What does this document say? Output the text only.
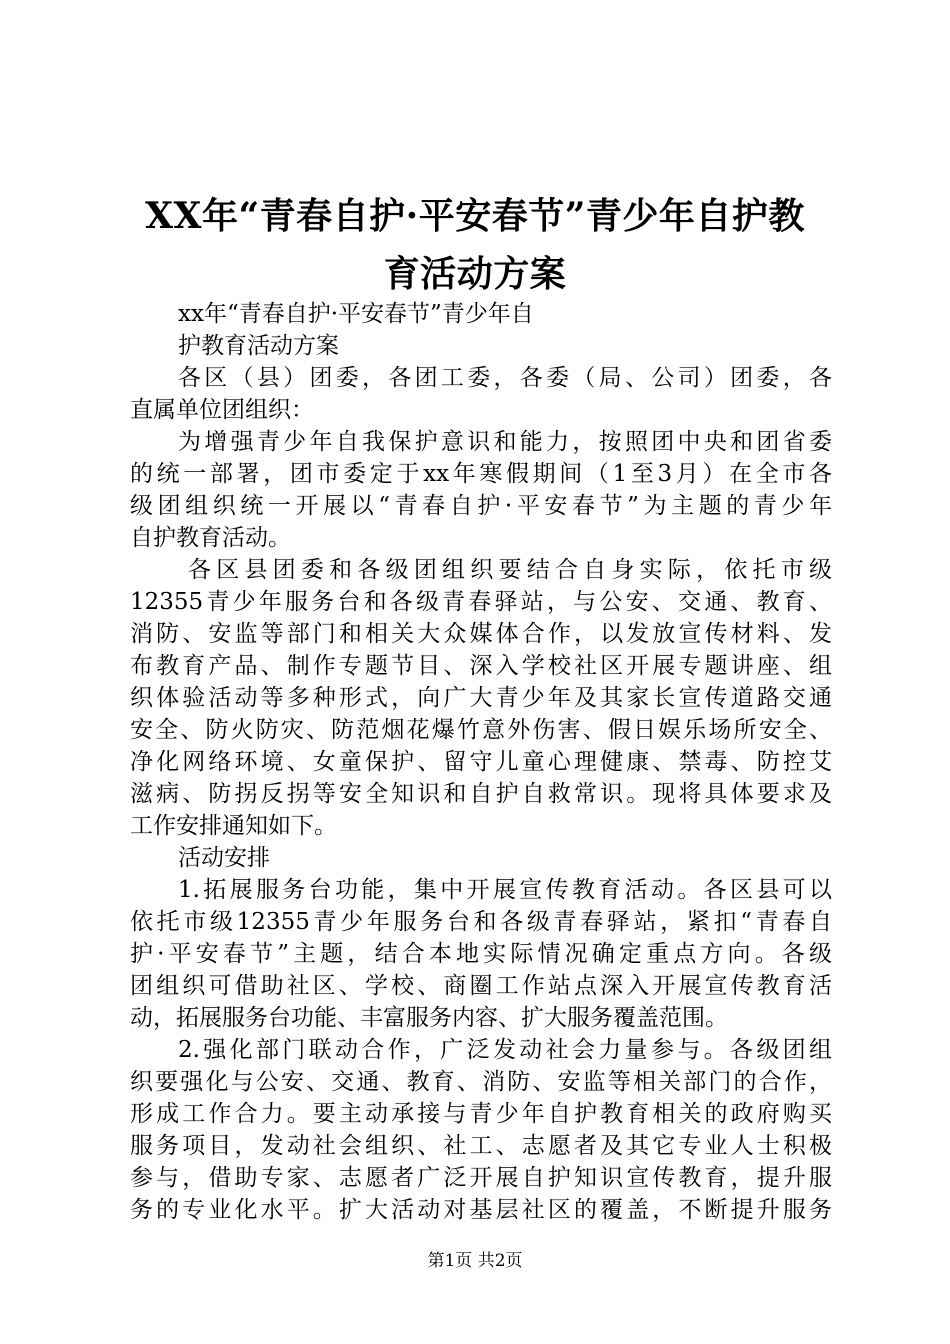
XX年“青春自护·平安春节”青少年自护教
育活动方案
xx年“青春自护·平安春节”青少年自
护教育活动方案
各区（县）团委，各团工委，各委（局、公司）团委，各
直属单位团组织：
为增强青少年自我保护意识和能力，按照团中央和团省委
的统一部署，团市委定于xx年寒假期间（1至3月）在全市各
级团组织统一开展以“青春自护·平安春节”为主题的青少年
自护教育活动。
各区县团委和各级团组织要结合自身实际，依托市级
12355青少年服务台和各级青春驿站，与公安、交通、教育、
消防、安监等部门和相关大众媒体合作，以发放宣传材料、发
布教育产品、制作专题节目、深入学校社区开展专题讲座、组
织体验活动等多种形式，向广大青少年及其家长宣传道路交通
安全、防火防灾、防范烟花爆竹意外伤害、假日娱乐场所安全、
净化网络环境、女童保护、留守儿童心理健康、禁毒、防控艾
滋病、防拐反拐等安全知识和自护自救常识。现将具体要求及
工作安排通知如下。
活动安排
1.拓展服务台功能，集中开展宣传教育活动。各区县可以
依托市级12355青少年服务台和各级青春驿站，紧扣“青春自
护·平安春节”主题，结合本地实际情况确定重点方向。各级
团组织可借助社区、学校、商圈工作站点深入开展宣传教育活
动，拓展服务台功能、丰富服务内容、扩大服务覆盖范围。
2.强化部门联动合作，广泛发动社会力量参与。各级团组
织要强化与公安、交通、教育、消防、安监等相关部门的合作，
形成工作合力。要主动承接与青少年自护教育相关的政府购买
服务项目，发动社会组织、社工、志愿者及其它专业人士积极
参与，借助专家、志愿者广泛开展自护知识宣传教育，提升服
务的专业化水平。扩大活动对基层社区的覆盖，不断提升服务
第1页 共2页
